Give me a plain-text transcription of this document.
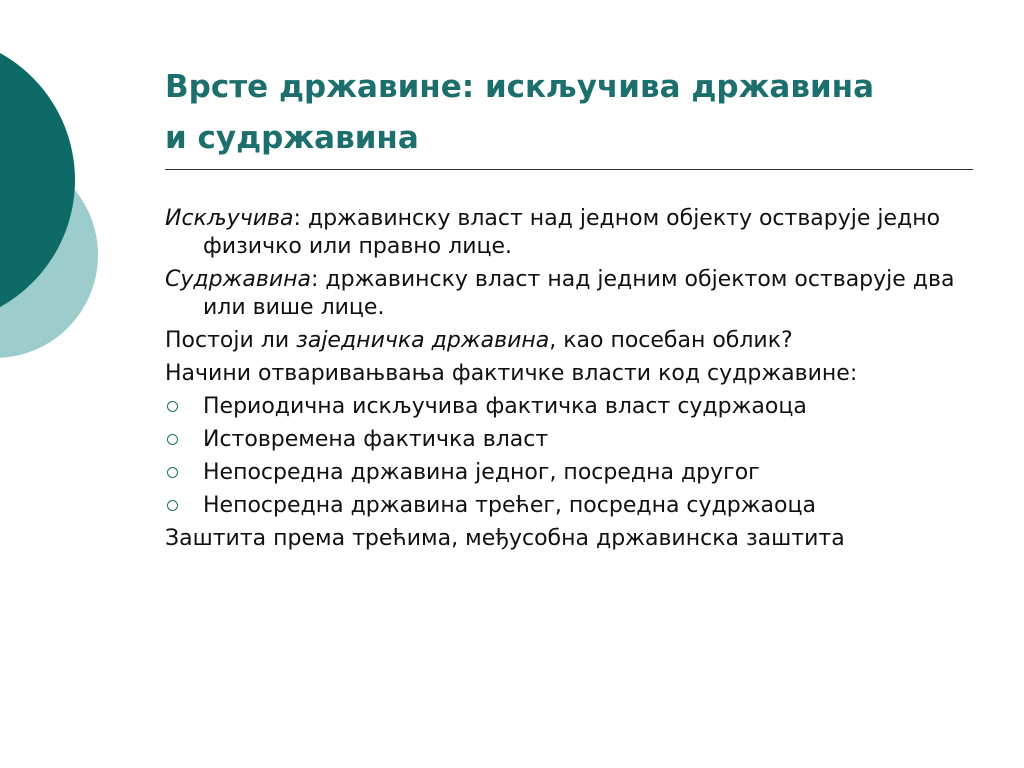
Врсте државине: искључива државина
и судржавина

Искључива: државинску власт над једном објекту остварује једно физичко или правно лице.

Судржавина: државинску власт над једним објектом остварује два или више лице.

Постоји ли заједничка државина, као посебан облик?

Начини отваривањвања фактичке власти код судржавине:

Периодична искључива фактичка власт судржаоца
Истовремена фактичка власт
Непосредна државина једног, посредна другог
Непосредна државина трећег, посредна судржаоца

Заштита према трећима, међусобна државинска заштита
